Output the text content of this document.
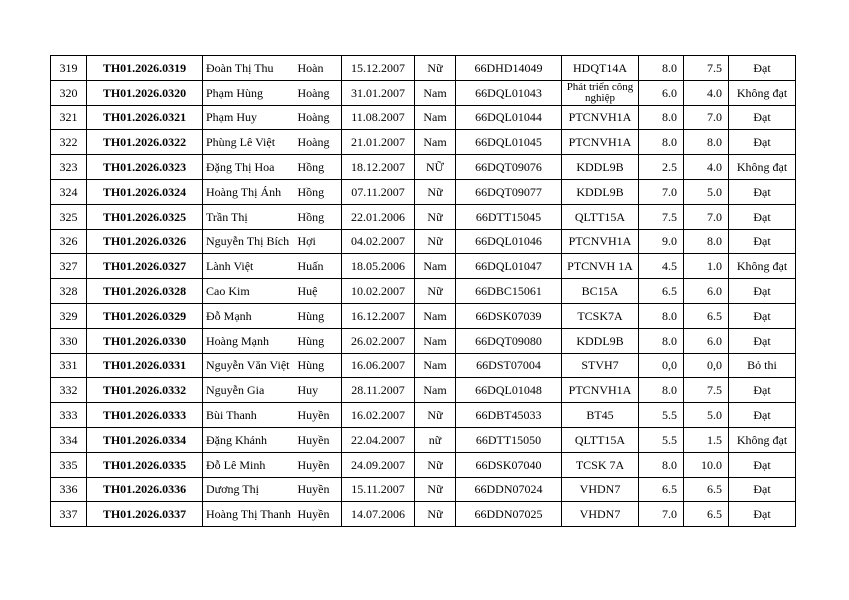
319	TH01.2026.0319	Đoàn Thị Thu	Hoàn	15.12.2007	Nữ	66DHD14049	HDQT14A	8.0	7.5	Đạt
320	TH01.2026.0320	Phạm Hùng	Hoàng	31.01.2007	Nam	66DQL01043	Phát triển công nghiệp	6.0	4.0	Không đạt
321	TH01.2026.0321	Phạm Huy	Hoàng	11.08.2007	Nam	66DQL01044	PTCNVH1A	8.0	7.0	Đạt
322	TH01.2026.0322	Phùng Lê Việt	Hoàng	21.01.2007	Nam	66DQL01045	PTCNVH1A	8.0	8.0	Đạt
323	TH01.2026.0323	Đặng Thị Hoa	Hồng	18.12.2007	NỮ	66DQT09076	KDDL9B	2.5	4.0	Không đạt
324	TH01.2026.0324	Hoàng Thị Ánh	Hồng	07.11.2007	Nữ	66DQT09077	KDDL9B	7.0	5.0	Đạt
325	TH01.2026.0325	Trần Thị	Hồng	22.01.2006	Nữ	66DTT15045	QLTT15A	7.5	7.0	Đạt
326	TH01.2026.0326	Nguyễn Thị Bích	Hợi	04.02.2007	Nữ	66DQL01046	PTCNVH1A	9.0	8.0	Đạt
327	TH01.2026.0327	Lành Việt	Huấn	18.05.2006	Nam	66DQL01047	PTCNVH 1A	4.5	1.0	Không đạt
328	TH01.2026.0328	Cao Kim	Huệ	10.02.2007	Nữ	66DBC15061	BC15A	6.5	6.0	Đạt
329	TH01.2026.0329	Đỗ Mạnh	Hùng	16.12.2007	Nam	66DSK07039	TCSK7A	8.0	6.5	Đạt
330	TH01.2026.0330	Hoàng Mạnh	Hùng	26.02.2007	Nam	66DQT09080	KDDL9B	8.0	6.0	Đạt
331	TH01.2026.0331	Nguyễn Văn Việt	Hùng	16.06.2007	Nam	66DST07004	STVH7	0,0	0,0	Bỏ thi
332	TH01.2026.0332	Nguyễn Gia	Huy	28.11.2007	Nam	66DQL01048	PTCNVH1A	8.0	7.5	Đạt
333	TH01.2026.0333	Bùi Thanh	Huyền	16.02.2007	Nữ	66DBT45033	BT45	5.5	5.0	Đạt
334	TH01.2026.0334	Đặng Khánh	Huyền	22.04.2007	nữ	66DTT15050	QLTT15A	5.5	1.5	Không đạt
335	TH01.2026.0335	Đỗ Lê Minh	Huyền	24.09.2007	Nữ	66DSK07040	TCSK 7A	8.0	10.0	Đạt
336	TH01.2026.0336	Dương Thị	Huyền	15.11.2007	Nữ	66DDN07024	VHDN7	6.5	6.5	Đạt
337	TH01.2026.0337	Hoàng Thị Thanh	Huyền	14.07.2006	Nữ	66DDN07025	VHDN7	7.0	6.5	Đạt
